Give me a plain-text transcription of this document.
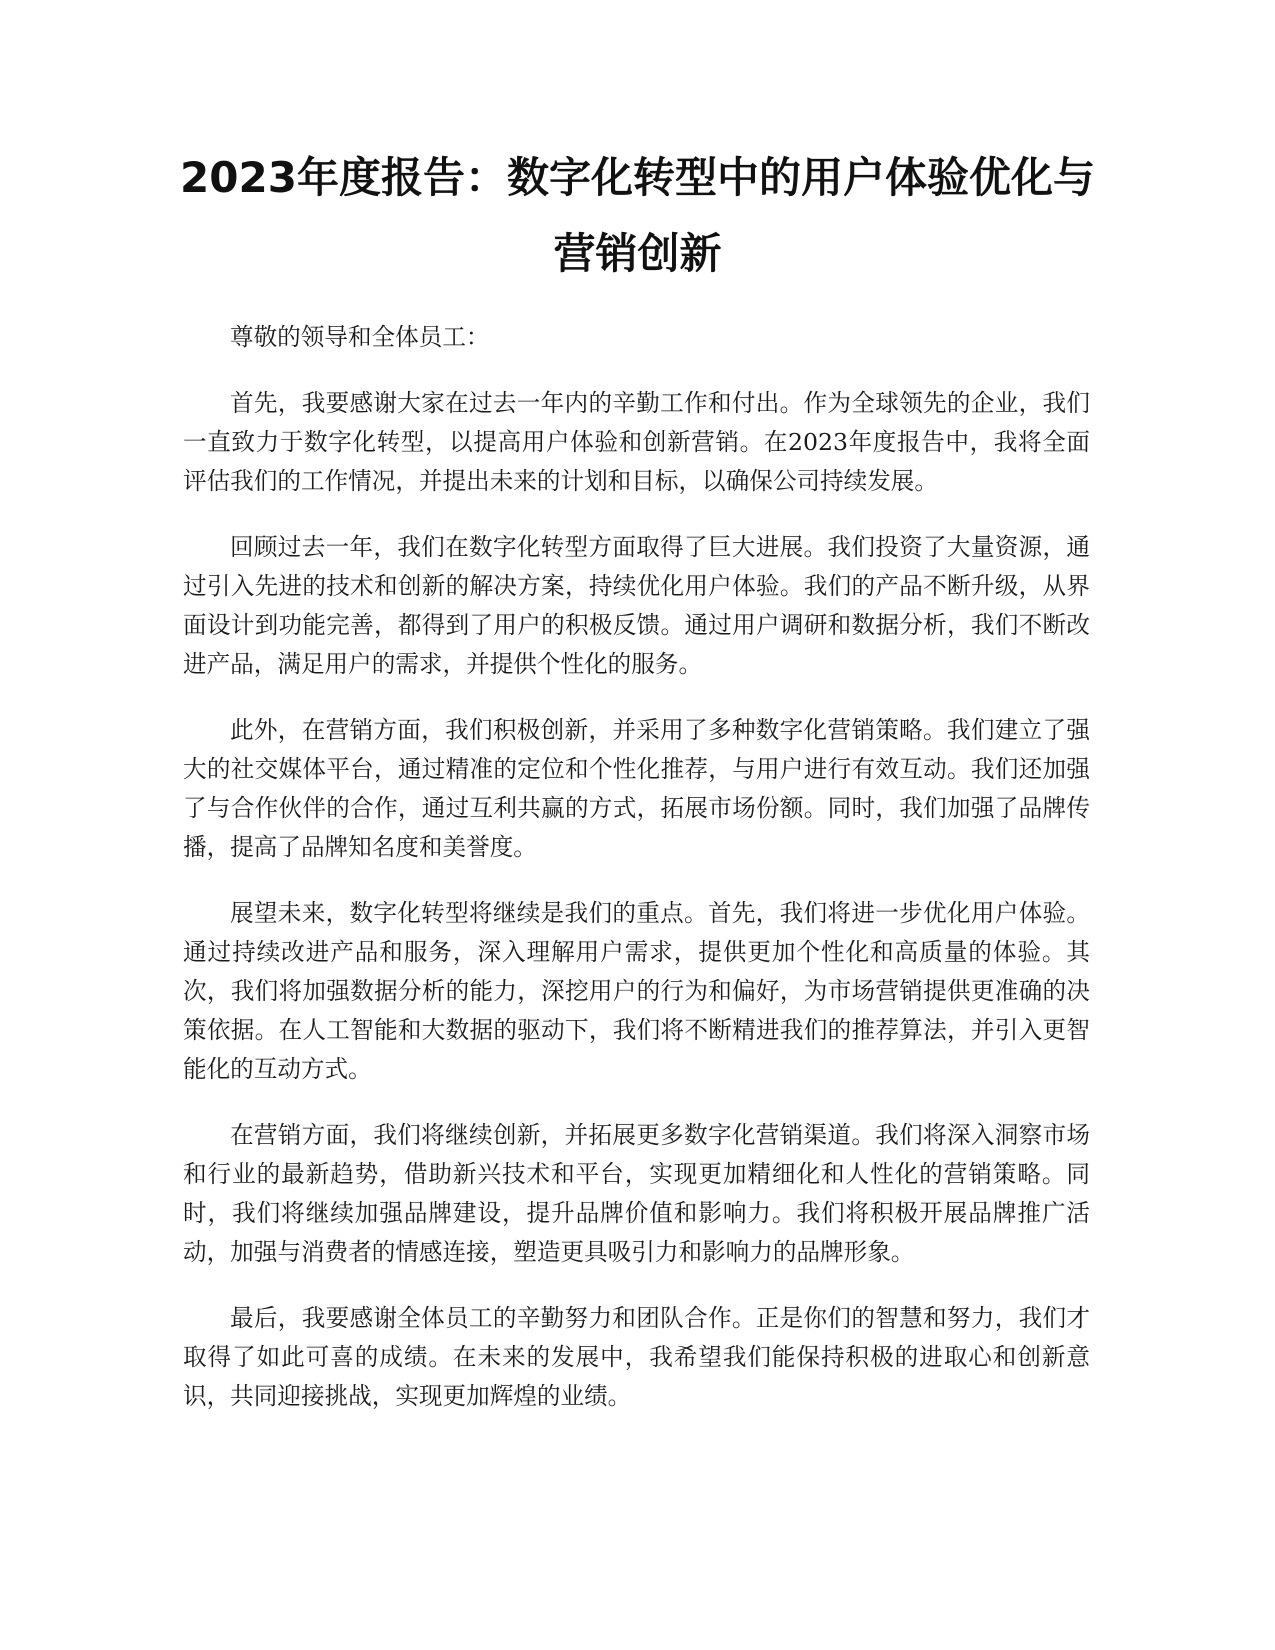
2023年度报告：数字化转型中的用户体验优化与营销创新

尊敬的领导和全体员工：

首先，我要感谢大家在过去一年内的辛勤工作和付出。作为全球领先的企业，我们一直致力于数字化转型，以提高用户体验和创新营销。在2023年度报告中，我将全面评估我们的工作情况，并提出未来的计划和目标，以确保公司持续发展。

回顾过去一年，我们在数字化转型方面取得了巨大进展。我们投资了大量资源，通过引入先进的技术和创新的解决方案，持续优化用户体验。我们的产品不断升级，从界面设计到功能完善，都得到了用户的积极反馈。通过用户调研和数据分析，我们不断改进产品，满足用户的需求，并提供个性化的服务。

此外，在营销方面，我们积极创新，并采用了多种数字化营销策略。我们建立了强大的社交媒体平台，通过精准的定位和个性化推荐，与用户进行有效互动。我们还加强了与合作伙伴的合作，通过互利共赢的方式，拓展市场份额。同时，我们加强了品牌传播，提高了品牌知名度和美誉度。

展望未来，数字化转型将继续是我们的重点。首先，我们将进一步优化用户体验。通过持续改进产品和服务，深入理解用户需求，提供更加个性化和高质量的体验。其次，我们将加强数据分析的能力，深挖用户的行为和偏好，为市场营销提供更准确的决策依据。在人工智能和大数据的驱动下，我们将不断精进我们的推荐算法，并引入更智能化的互动方式。

在营销方面，我们将继续创新，并拓展更多数字化营销渠道。我们将深入洞察市场和行业的最新趋势，借助新兴技术和平台，实现更加精细化和人性化的营销策略。同时，我们将继续加强品牌建设，提升品牌价值和影响力。我们将积极开展品牌推广活动，加强与消费者的情感连接，塑造更具吸引力和影响力的品牌形象。

最后，我要感谢全体员工的辛勤努力和团队合作。正是你们的智慧和努力，我们才取得了如此可喜的成绩。在未来的发展中，我希望我们能保持积极的进取心和创新意识，共同迎接挑战，实现更加辉煌的业绩。
